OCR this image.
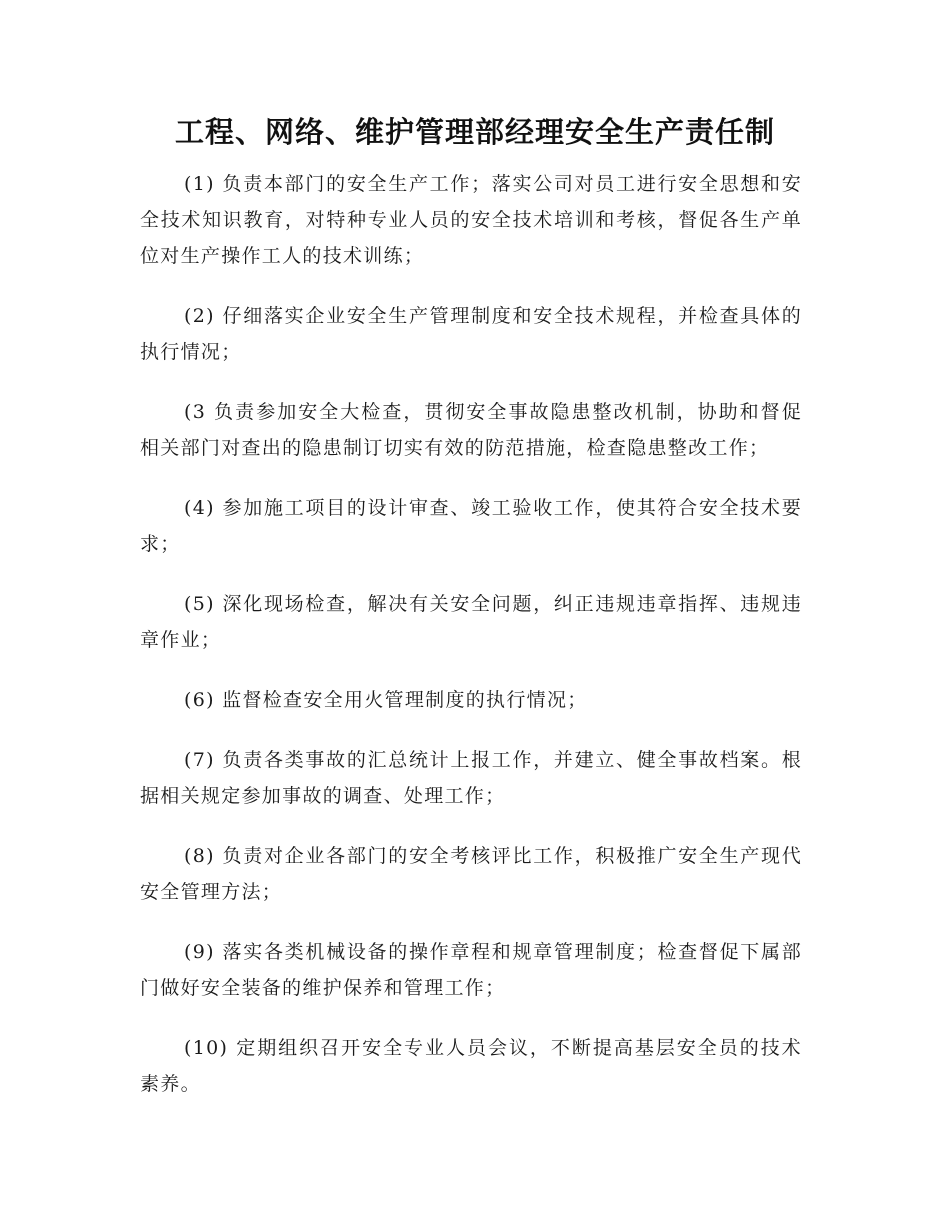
工程、网络、维护管理部经理安全生产责任制

(1) 负责本部门的安全生产工作；落实公司对员工进行安全思想和安全技术知识教育，对特种专业人员的安全技术培训和考核，督促各生产单位对生产操作工人的技术训练；

(2) 仔细落实企业安全生产管理制度和安全技术规程，并检查具体的执行情况；

(3 负责参加安全大检查，贯彻安全事故隐患整改机制，协助和督促相关部门对查出的隐患制订切实有效的防范措施，检查隐患整改工作；

(4) 参加施工项目的设计审查、竣工验收工作，使其符合安全技术要求；

(5) 深化现场检查，解决有关安全问题，纠正违规违章指挥、违规违章作业；

(6) 监督检查安全用火管理制度的执行情况；

(7) 负责各类事故的汇总统计上报工作，并建立、健全事故档案。根据相关规定参加事故的调查、处理工作；

(8) 负责对企业各部门的安全考核评比工作，积极推广安全生产现代安全管理方法；

(9) 落实各类机械设备的操作章程和规章管理制度；检查督促下属部门做好安全装备的维护保养和管理工作；

(10) 定期组织召开安全专业人员会议，不断提高基层安全员的技术素养。
